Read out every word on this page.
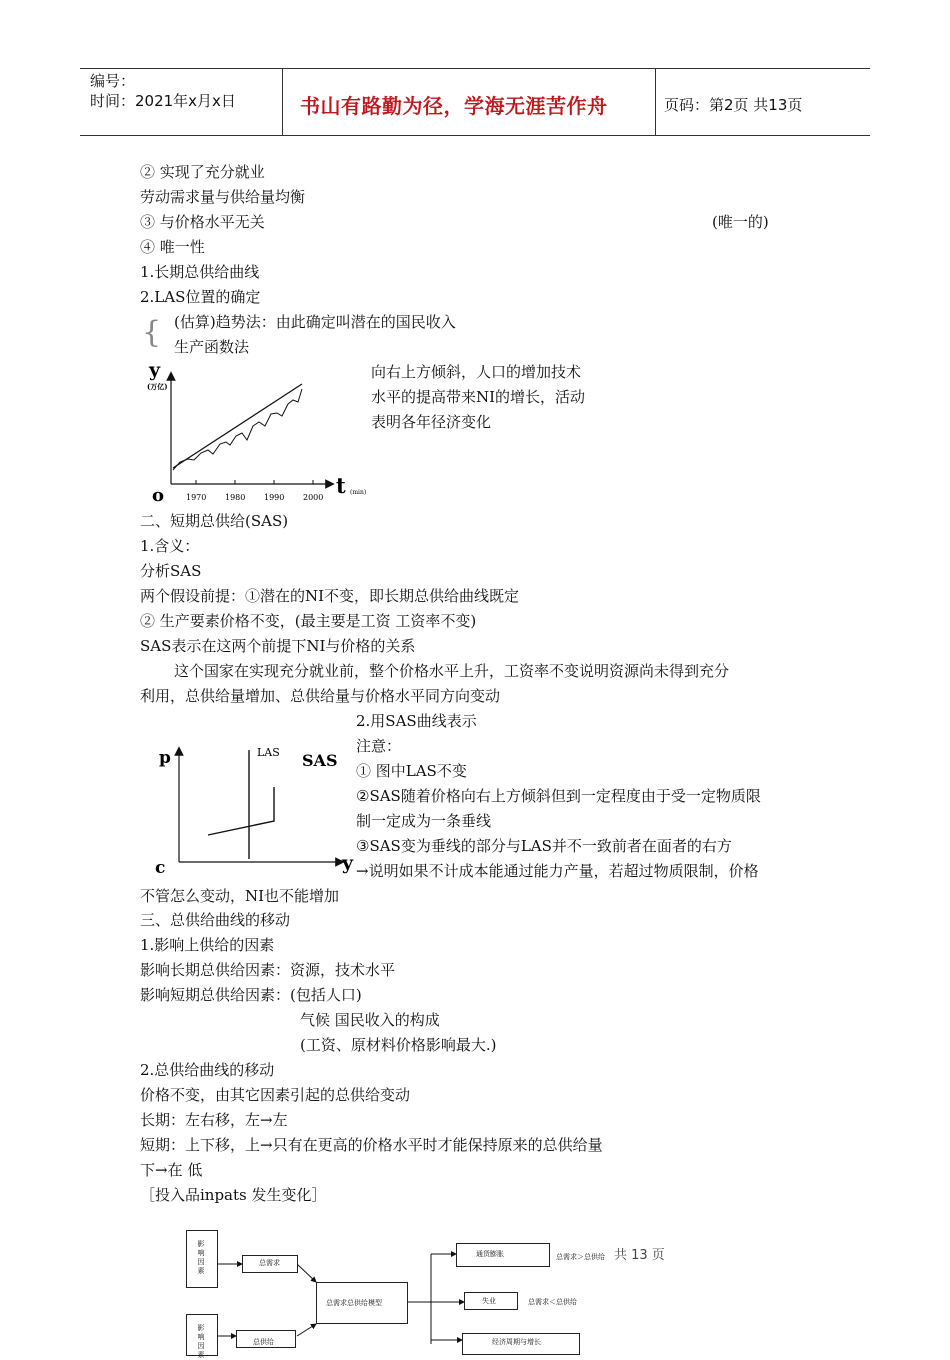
编号：
时间：2021年x月x日	书山有路勤为径，学海无涯苦作舟	页码：第2页 共13页
② 实现了充分就业
劳动需求量与供给量均衡
③ 与价格水平无关	(唯一的)
④ 唯一性
1.长期总供给曲线
2.LAS位置的确定
{ (估算)趋势法：由此确定叫潜在的国民收入
生产函数法
y
(万亿)
t (min)
o	1970 1980 1990 2000
向右上方倾斜，人口的增加技术
水平的提高带来NI的增长，活动
表明各年径济变化
二、短期总供给(SAS)
1.含义：
分析SAS
两个假设前提：①潜在的NI不变，即长期总供给曲线既定
② 生产要素价格不变，(最主要是工资 工资率不变)
SAS表示在这两个前提下NI与价格的关系
这个国家在实现充分就业前，整个价格水平上升，工资率不变说明资源尚未得到充分
利用，总供给量增加、总供给量与价格水平同方向变动
p
y
c
LAS SAS
2.用SAS曲线表示
注意：
① 图中LAS不变
②SAS随着价格向右上方倾斜但到一定程度由于受一定物质限
制一定成为一条垂线
③SAS变为垂线的部分与LAS并不一致前者在面者的右方
→说明如果不计成本能通过能力产量，若超过物质限制，价格
不管怎么变动，NI也不能增加
三、总供给曲线的移动
1.影响上供给的因素
影响长期总供给因素：资源，技术水平
影响短期总供给因素：(包括人口)
气候 国民收入的构成
(工资、原材料价格影响最大.)
2.总供给曲线的移动
价格不变，由其它因素引起的总供给变动
长期：左右移，左→左
短期：上下移，上→只有在更高的价格水平时才能保持原来的总供给量
下→在 低
［投入品inpats 发生变化］
影响因素
影响因素
总需求
总供给
总需求总供给模型
通货膨胀	总需求＞总供给
失业	总需求＜总供给
经济周期与增长
共 13 页
